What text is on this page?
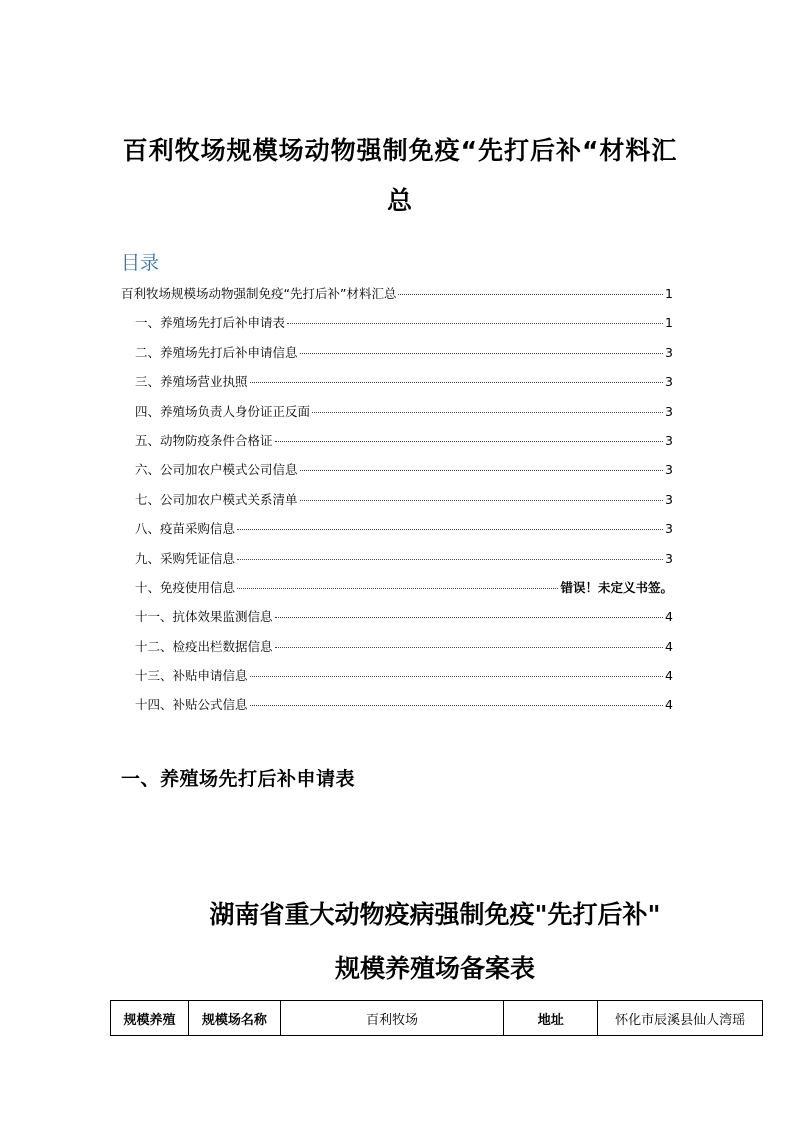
百利牧场规模场动物强制免疫“先打后补“材料汇总
目录
百利牧场规模场动物强制免疫“先打后补”材料汇总	1
一、养殖场先打后补申请表	1
二、养殖场先打后补申请信息	3
三、养殖场营业执照	3
四、养殖场负责人身份证正反面	3
五、动物防疫条件合格证	3
六、公司加农户模式公司信息	3
七、公司加农户模式关系清单	3
八、疫苗采购信息	3
九、采购凭证信息	3
十、免疫使用信息	错误！未定义书签。
十一、抗体效果监测信息	4
十二、检疫出栏数据信息	4
十三、补贴申请信息	4
十四、补贴公式信息	4
一、养殖场先打后补申请表
湖南省重大动物疫病强制免疫"先打后补"
规模养殖场备案表
规模养殖	规模场名称	百利牧场	地址	怀化市辰溪县仙人湾瑶
